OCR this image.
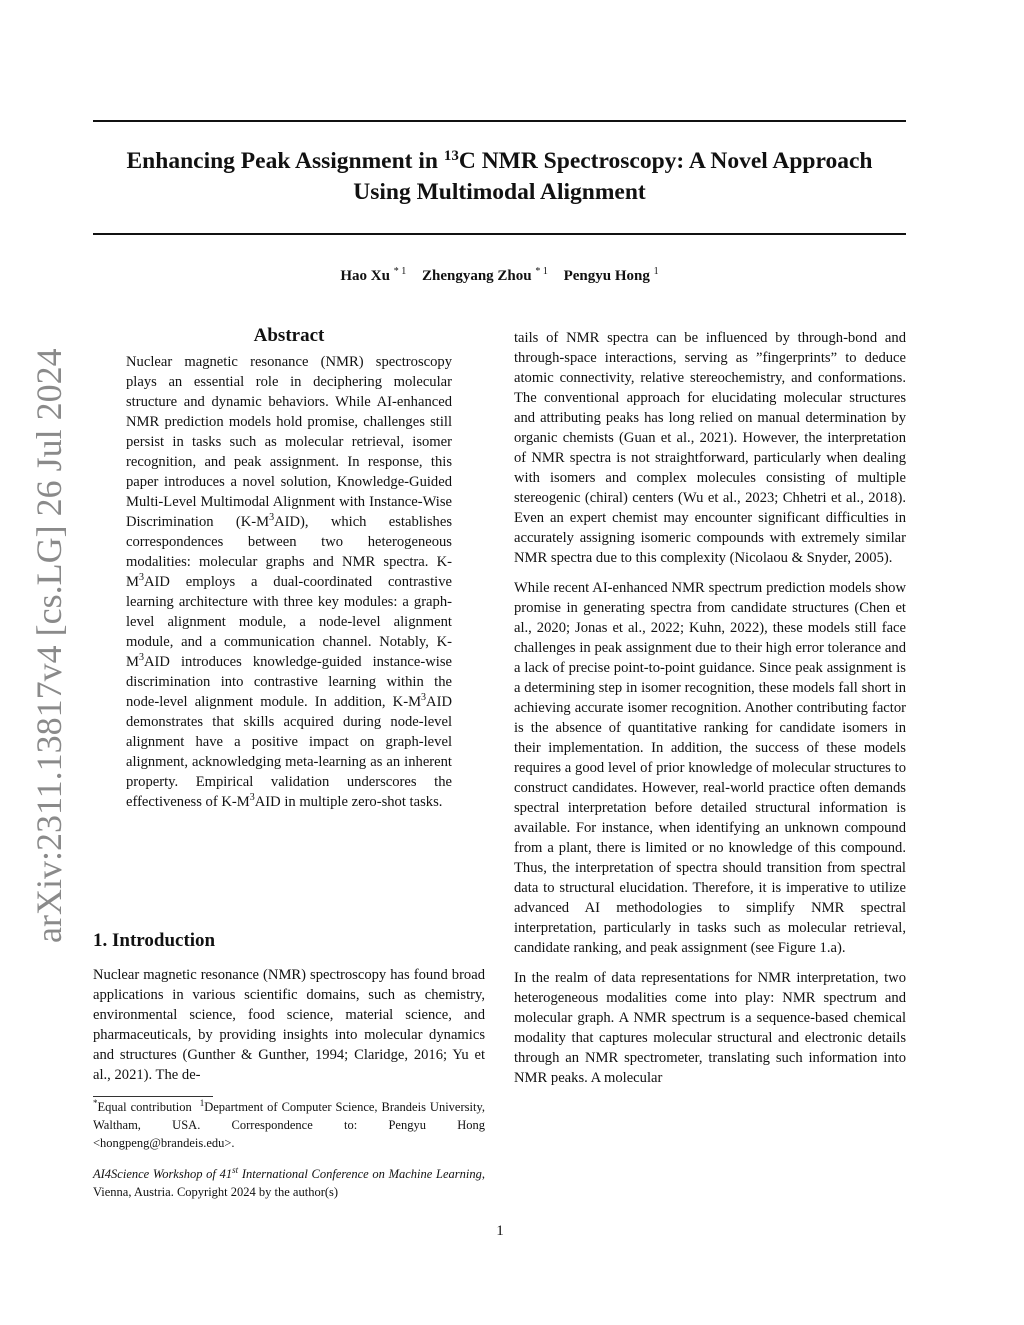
arXiv:2311.13817v4 [cs.LG] 26 Jul 2024
Enhancing Peak Assignment in $^{13}$C NMR Spectroscopy: A Novel Approach
Using Multimodal Alignment
Hao Xu $^{* 1}$ Zhengyang Zhou $^{* 1}$ Pengyu Hong $^1$
Abstract
Nuclear magnetic resonance (NMR) spectroscopy plays an essential role in deciphering molecular structure and dynamic behaviors. While AI-enhanced NMR prediction models hold promise, challenges still persist in tasks such as molecular retrieval, isomer recognition, and peak assignment. In response, this paper introduces a novel solution, Knowledge-Guided Multi-Level Multimodal Alignment with Instance-Wise Discrimination $(K-M^3AID)$, which establishes correspondences between two heterogeneous modalities: molecular graphs and NMR spectra. $K-M^3AID$ employs a dual-coordinated contrastive learning architecture with three key modules: a graph-level alignment module, a node-level alignment module, and a communication channel. Notably, $K-M^3AID$ introduces knowledge-guided instance-wise discrimination into contrastive learning within the node-level alignment module. In addition, $K-M^3AID$ demonstrates that skills acquired during node-level alignment have a positive impact on graph-level alignment, acknowledging meta-learning as an inherent property. Empirical validation underscores the effectiveness of $K-M^3AID$ in multiple zero-shot tasks.
1. Introduction
Nuclear magnetic resonance (NMR) spectroscopy has found broad applications in various scientific domains, such as chemistry, environmental science, food science, material science, and pharmaceuticals, by providing insights into molecular dynamics and structures (Gunther & Gunther, 1994; Claridge, 2016; Yu et al., 2021). The de-
*Equal contribution $^1$Department of Computer Science, Brandeis University, Waltham, USA. Correspondence to: Pengyu Hong <hongpeng@brandeis.edu>.
AI4Science Workshop of 41st International Conference on Machine Learning, Vienna, Austria. Copyright 2024 by the author(s)

tails of NMR spectra can be influenced by through-bond and through-space interactions, serving as ”fingerprints” to deduce atomic connectivity, relative stereochemistry, and conformations. The conventional approach for elucidating molecular structures and attributing peaks has long relied on manual determination by organic chemists (Guan et al., 2021). However, the interpretation of NMR spectra is not straightforward, particularly when dealing with isomers and complex molecules consisting of multiple stereogenic (chiral) centers (Wu et al., 2023; Chhetri et al., 2018). Even an expert chemist may encounter significant difficulties in accurately assigning isomeric compounds with extremely similar NMR spectra due to this complexity (Nicolaou & Snyder, 2005).

While recent AI-enhanced NMR spectrum prediction models show promise in generating spectra from candidate structures (Chen et al., 2020; Jonas et al., 2022; Kuhn, 2022), these models still face challenges in peak assignment due to their high error tolerance and a lack of precise point-to-point guidance. Since peak assignment is a determining step in isomer recognition, these models fall short in achieving accurate isomer recognition. Another contributing factor is the absence of quantitative ranking for candidate isomers in their implementation. In addition, the success of these models requires a good level of prior knowledge of molecular structures to construct candidates. However, real-world practice often demands spectral interpretation before detailed structural information is available. For instance, when identifying an unknown compound from a plant, there is limited or no knowledge of this compound. Thus, the interpretation of spectra should transition from spectral data to structural elucidation. Therefore, it is imperative to utilize advanced AI methodologies to simplify NMR spectral interpretation, particularly in tasks such as molecular retrieval, candidate ranking, and peak assignment (see Figure 1.a).

In the realm of data representations for NMR interpretation, two heterogeneous modalities come into play: NMR spectrum and molecular graph. A NMR spectrum is a sequence-based chemical modality that captures molecular structural and electronic details through an NMR spectrometer, translating such information into NMR peaks. A molecular

1
